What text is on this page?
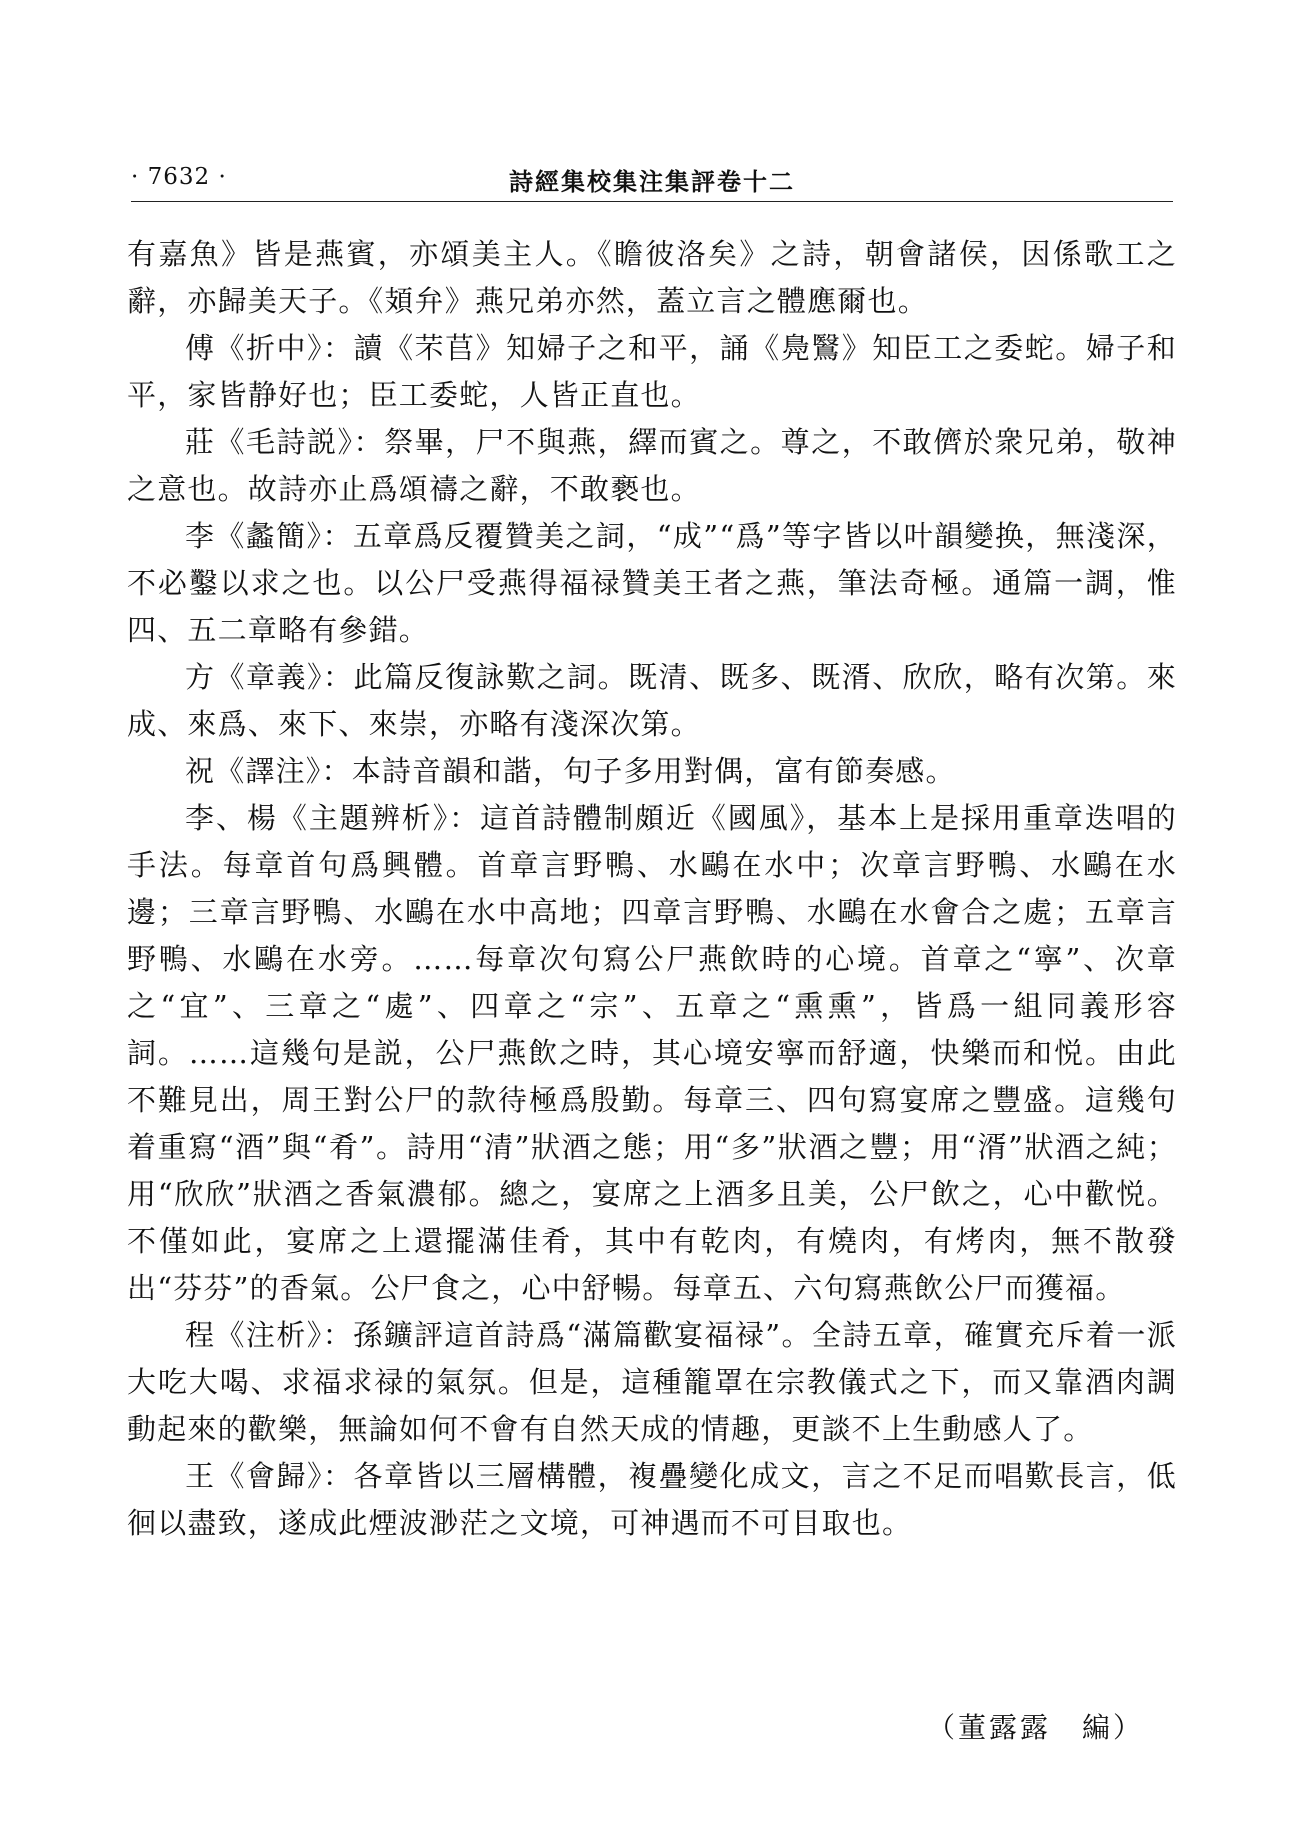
· 7632 ·	詩經集校集注集評卷十二

有嘉魚》皆是燕賓，亦頌美主人。《瞻彼洛矣》之詩，朝會諸侯，因係歌工之辭，亦歸美天子。《頍弁》燕兄弟亦然，蓋立言之體應爾也。

傅《折中》：讀《芣苢》知婦子之和平，誦《鳧鷖》知臣工之委蛇。婦子和平，家皆静好也；臣工委蛇，人皆正直也。

莊《毛詩説》：祭畢，尸不與燕，繹而賓之。尊之，不敢儕於衆兄弟，敬神之意也。故詩亦止爲頌禱之辭，不敢褻也。

李《蠡簡》：五章爲反覆贊美之詞，“成”“爲”等字皆以叶韻變换，無淺深，不必鑿以求之也。以公尸受燕得福禄贊美王者之燕，筆法奇極。通篇一調，惟四、五二章略有參錯。

方《章義》：此篇反復詠歎之詞。既清、既多、既湑、欣欣，略有次第。來成、來爲、來下、來崇，亦略有淺深次第。

祝《譯注》：本詩音韻和諧，句子多用對偶，富有節奏感。

李、楊《主題辨析》：這首詩體制頗近《國風》，基本上是採用重章迭唱的手法。每章首句爲興體。首章言野鴨、水鷗在水中；次章言野鴨、水鷗在水邊；三章言野鴨、水鷗在水中高地；四章言野鴨、水鷗在水會合之處；五章言野鴨、水鷗在水旁。……每章次句寫公尸燕飲時的心境。首章之“寧”、次章之“宜”、三章之“處”、四章之“宗”、五章之“熏熏”，皆爲一組同義形容詞。……這幾句是説，公尸燕飲之時，其心境安寧而舒適，快樂而和悦。由此不難見出，周王對公尸的款待極爲殷勤。每章三、四句寫宴席之豐盛。這幾句着重寫“酒”與“肴”。詩用“清”狀酒之態；用“多”狀酒之豐；用“湑”狀酒之純；用“欣欣”狀酒之香氣濃郁。總之，宴席之上酒多且美，公尸飲之，心中歡悦。不僅如此，宴席之上還擺滿佳肴，其中有乾肉，有燒肉，有烤肉，無不散發出“芬芬”的香氣。公尸食之，心中舒暢。每章五、六句寫燕飲公尸而獲福。

程《注析》：孫鑛評這首詩爲“滿篇歡宴福禄”。全詩五章，確實充斥着一派大吃大喝、求福求禄的氣氛。但是，這種籠罩在宗教儀式之下，而又靠酒肉調動起來的歡樂，無論如何不會有自然天成的情趣，更談不上生動感人了。

王《會歸》：各章皆以三層構體，複疊變化成文，言之不足而唱歎長言，低徊以盡致，遂成此煙波渺茫之文境，可神遇而不可目取也。

（董露露　編）
